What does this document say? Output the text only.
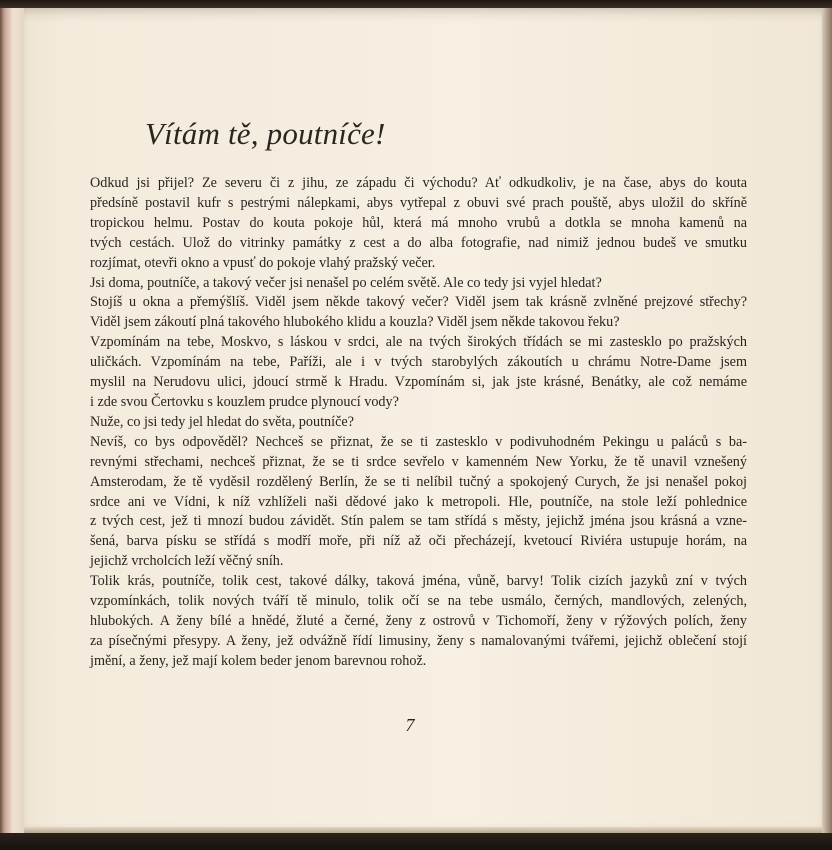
Vítám tě, poutníče!
Odkud jsi přijel? Ze severu či z jihu, ze západu či východu? Ať odkudkoliv, je na čase, abys do kouta
předsíně postavil kufr s pestrými nálepkami, abys vytřepal z obuvi své prach pouště, abys uložil do skříně
tropickou helmu. Postav do kouta pokoje hůl, která má mnoho vrubů a dotkla se mnoha kamenů na
tvých cestách. Ulož do vitrinky památky z cest a do alba fotografie, nad nimiž jednou budeš ve smutku
rozjímat, otevři okno a vpusť do pokoje vlahý pražský večer.
Jsi doma, poutníče, a takový večer jsi nenašel po celém světě. Ale co tedy jsi vyjel hledat?
Stojíš u okna a přemýšlíš. Viděl jsem někde takový večer? Viděl jsem tak krásně zvlněné prejzové střechy?
Viděl jsem zákoutí plná takového hlubokého klidu a kouzla? Viděl jsem někde takovou řeku?
Vzpomínám na tebe, Moskvo, s láskou v srdci, ale na tvých širokých třídách se mi zastesklo po pražských
uličkách. Vzpomínám na tebe, Paříži, ale i v tvých starobylých zákoutích u chrámu Notre-Dame jsem
myslil na Nerudovu ulici, jdoucí strmě k Hradu. Vzpomínám si, jak jste krásné, Benátky, ale což nemáme
i zde svou Čertovku s kouzlem prudce plynoucí vody?
Nuže, co jsi tedy jel hledat do světa, poutníče?
Nevíš, co bys odpověděl? Nechceš se přiznat, že se ti zastesklo v podivuhodném Pekingu u paláců s ba-
revnými střechami, nechceš přiznat, že se ti srdce sevřelo v kamenném New Yorku, že tě unavil vznešený
Amsterodam, že tě vyděsil rozdělený Berlín, že se ti nelíbil tučný a spokojený Curych, že jsi nenašel pokoj
srdce ani ve Vídni, k níž vzhlíželi naši dědové jako k metropoli. Hle, poutníče, na stole leží pohlednice
z tvých cest, jež ti mnozí budou závidět. Stín palem se tam střídá s městy, jejichž jména jsou krásná a vzne-
šená, barva písku se střídá s modří moře, při níž až oči přecházejí, kvetoucí Riviéra ustupuje horám, na
jejichž vrcholcích leží věčný sníh.
Tolik krás, poutníče, tolik cest, takové dálky, taková jména, vůně, barvy! Tolik cizích jazyků zní v tvých
vzpomínkách, tolik nových tváří tě minulo, tolik očí se na tebe usmálo, černých, mandlových, zelených,
hlubokých. A ženy bílé a hnědé, žluté a černé, ženy z ostrovů v Tichomoří, ženy v rýžových polích, ženy
za písečnými přesypy. A ženy, jež odvážně řídí limusiny, ženy s namalovanými tvářemi, jejichž oblečení stojí
jmění, a ženy, jež mají kolem beder jenom barevnou rohož.
7
